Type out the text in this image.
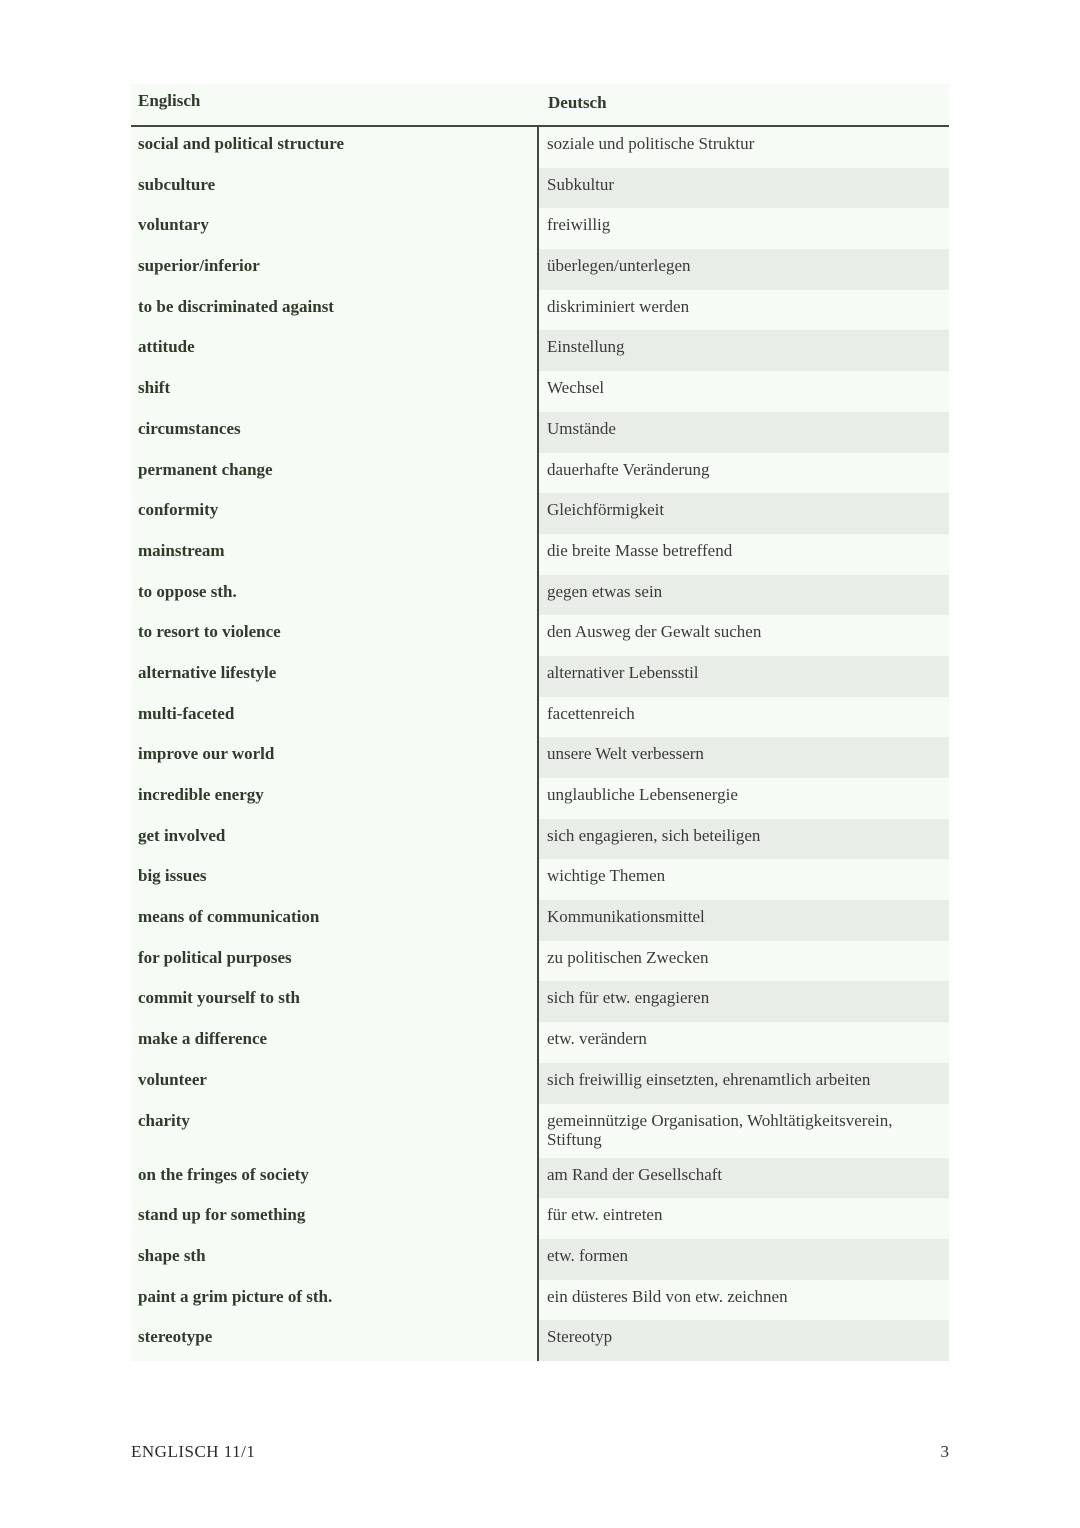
Englisch	Deutsch
social and political structure	soziale und politische Struktur
subculture	Subkultur
voluntary	freiwillig
superior/inferior	überlegen/unterlegen
to be discriminated against	diskriminiert werden
attitude	Einstellung
shift	Wechsel
circumstances	Umstände
permanent change	dauerhafte Veränderung
conformity	Gleichförmigkeit
mainstream	die breite Masse betreffend
to oppose sth.	gegen etwas sein
to resort to violence	den Ausweg der Gewalt suchen
alternative lifestyle	alternativer Lebensstil
multi-faceted	facettenreich
improve our world	unsere Welt verbessern
incredible energy	unglaubliche Lebensenergie
get involved	sich engagieren, sich beteiligen
big issues	wichtige Themen
means of communication	Kommunikationsmittel
for political purposes	zu politischen Zwecken
commit yourself to sth	sich für etw. engagieren
make a difference	etw. verändern
volunteer	sich freiwillig einsetzten, ehrenamtlich arbeiten
charity	gemeinnützige Organisation, Wohltätigkeitsverein, Stiftung
on the fringes of society	am Rand der Gesellschaft
stand up for something	für etw. eintreten
shape sth	etw. formen
paint a grim picture of sth.	ein düsteres Bild von etw. zeichnen
stereotype	Stereotyp
ENGLISCH 11/1	3
